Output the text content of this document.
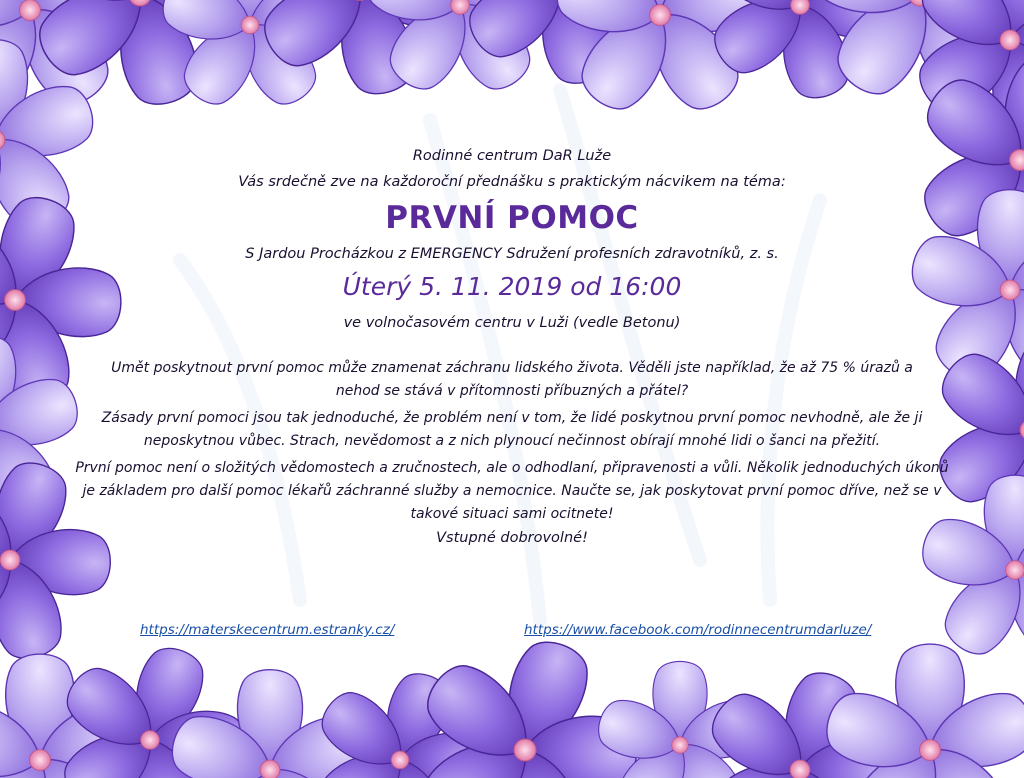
Rodinné centrum DaR Luže
Vás srdečně zve na každoroční přednášku s praktickým nácvikem na téma:
PRVNÍ POMOC
S Jardou Procházkou z EMERGENCY Sdružení profesních zdravotníků, z. s.
Úterý 5. 11. 2019 od 16:00
ve volnočasovém centru v Luži (vedle Betonu)

Umět poskytnout první pomoc může znamenat záchranu lidského života. Věděli jste například, že až 75 % úrazů a nehod se stává v přítomnosti příbuzných a přátel?

Zásady první pomoci jsou tak jednoduché, že problém není v tom, že lidé poskytnou první pomoc nevhodně, ale že ji neposkytnou vůbec. Strach, nevědomost a z nich plynoucí nečinnost obírají mnohé lidi o šanci na přežití.

První pomoc není o složitých vědomostech a zručnostech, ale o odhodlaní, připravenosti a vůli. Několik jednoduchých úkonů je základem pro další pomoc lékařů záchranné služby a nemocnice. Naučte se, jak poskytovat první pomoc dříve, než se v takové situaci sami ocitnete!

Vstupné dobrovolné!
https://materskecentrum.estranky.cz/	https://www.facebook.com/rodinnecentrumdarluze/
